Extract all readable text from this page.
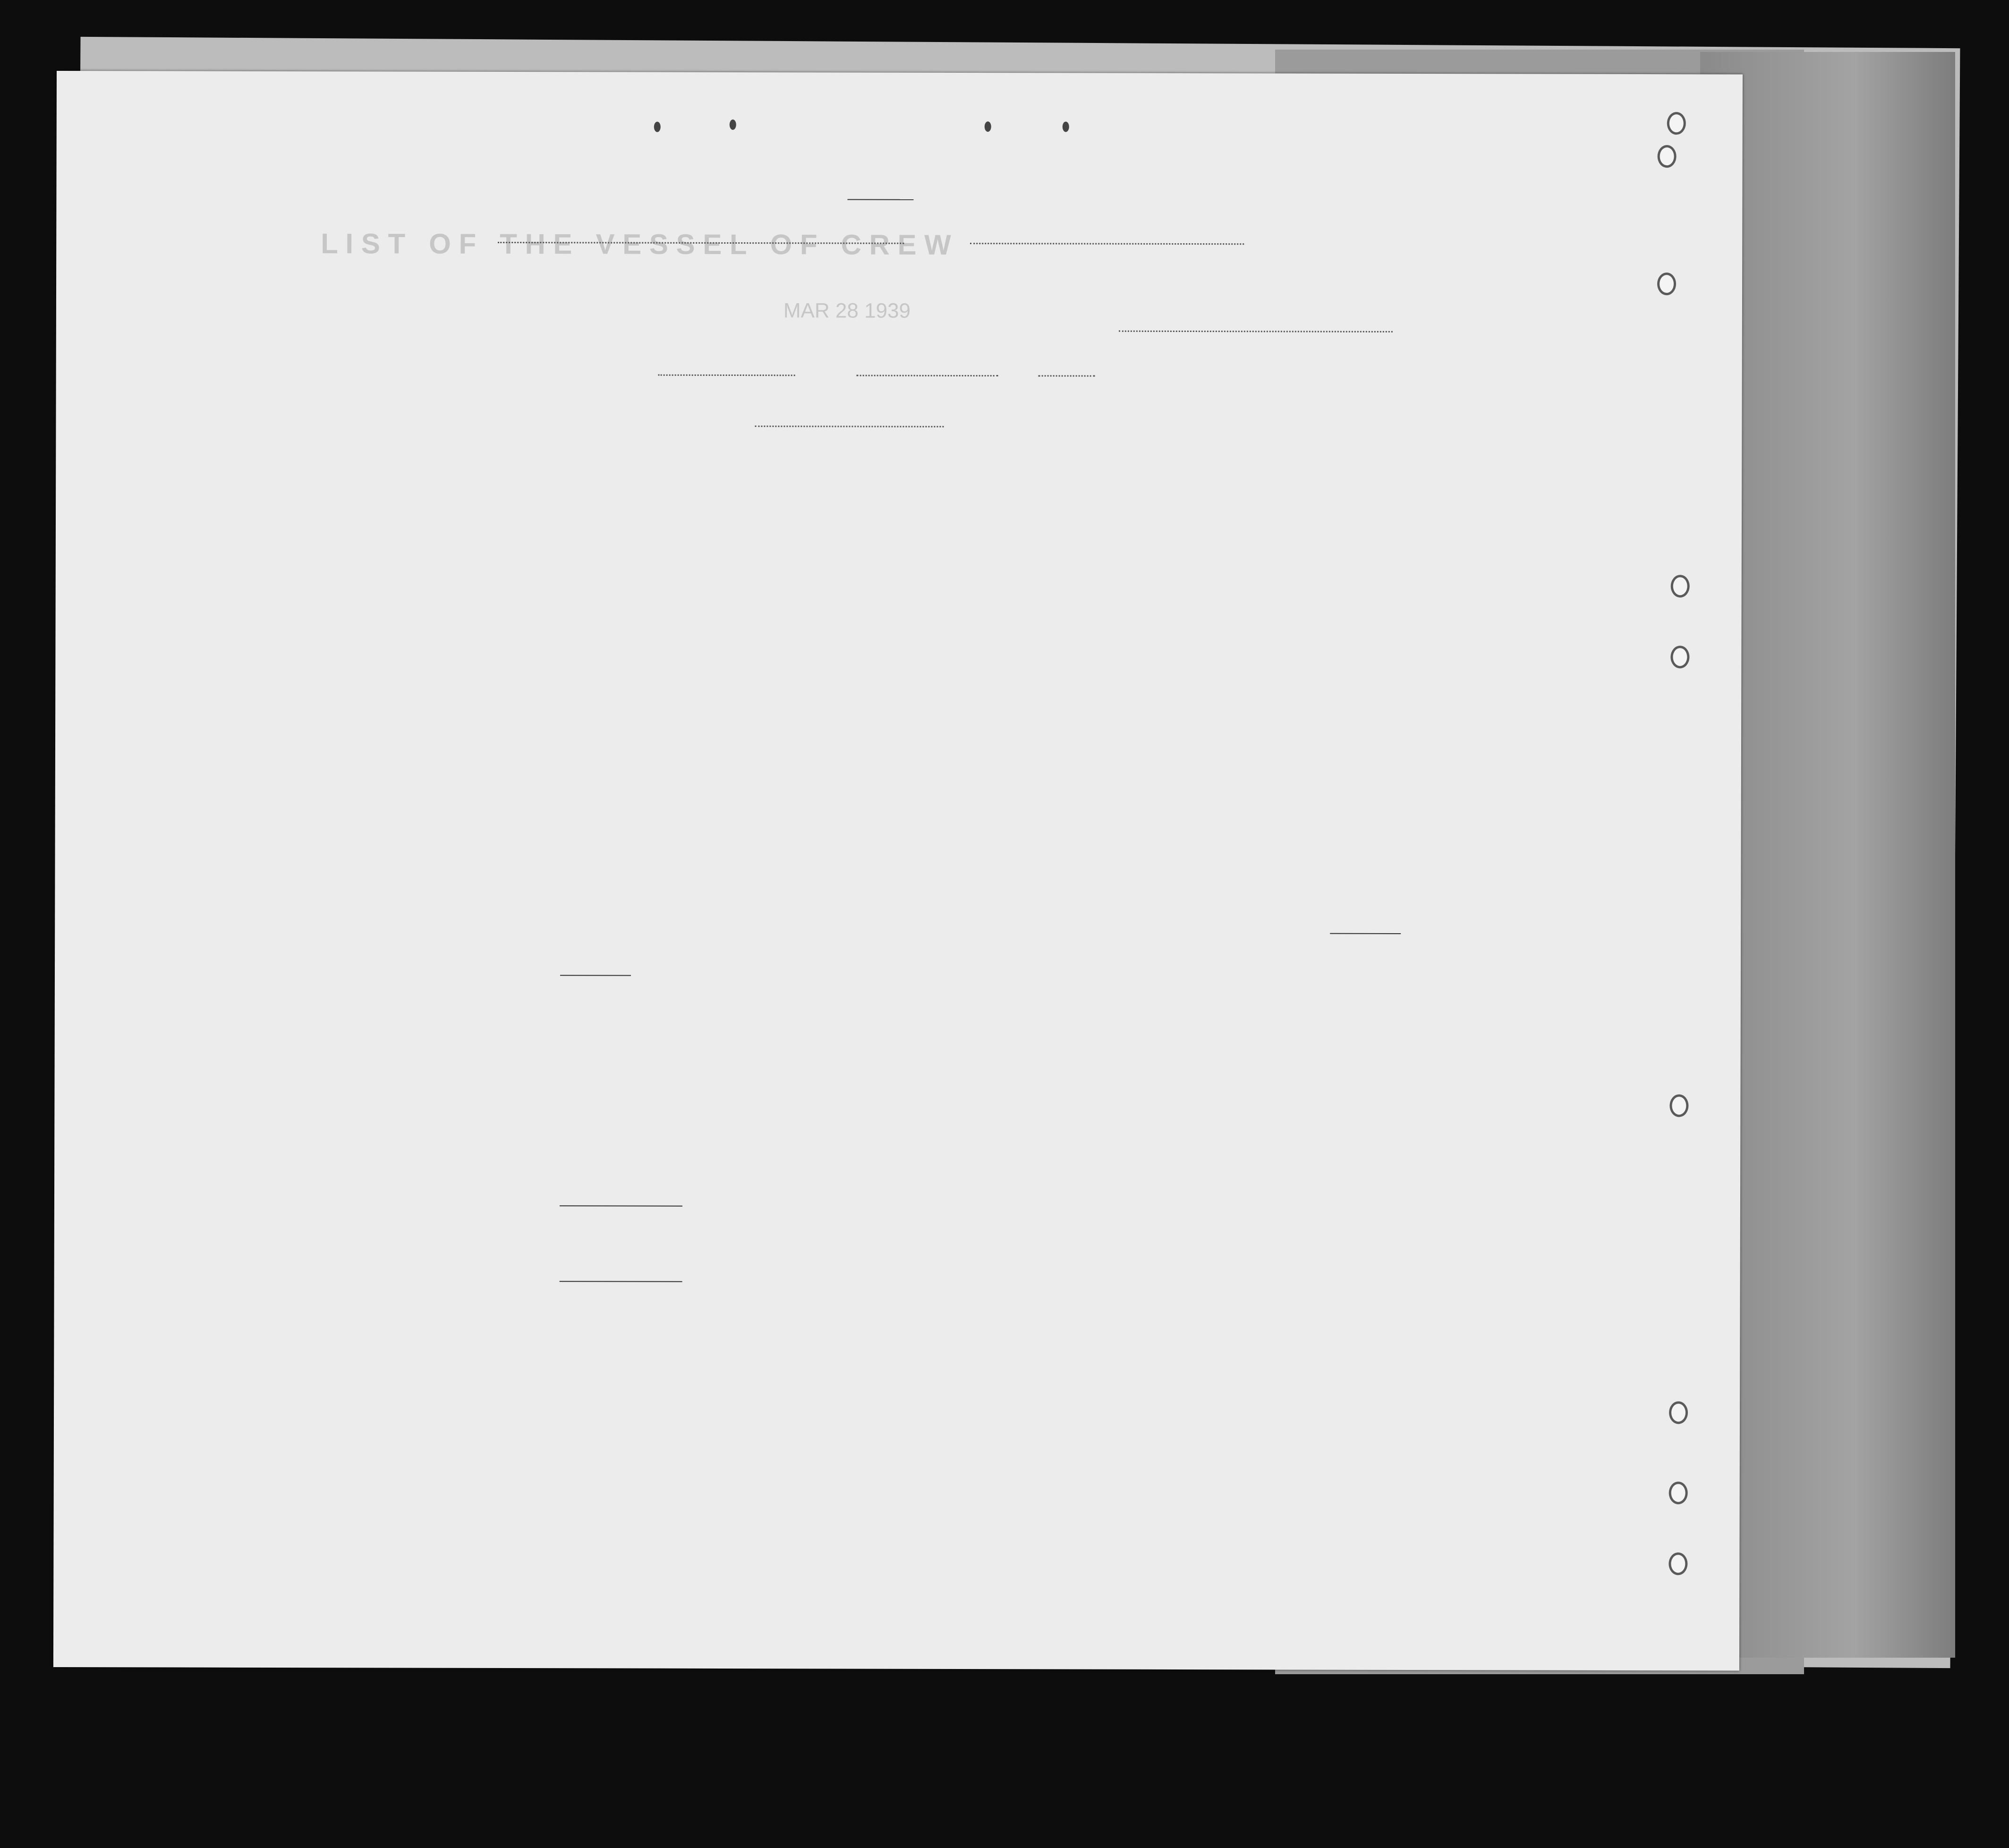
L I S T   O F   T H E   V E S S E L   O F   C R E W
MAR 28 1939
